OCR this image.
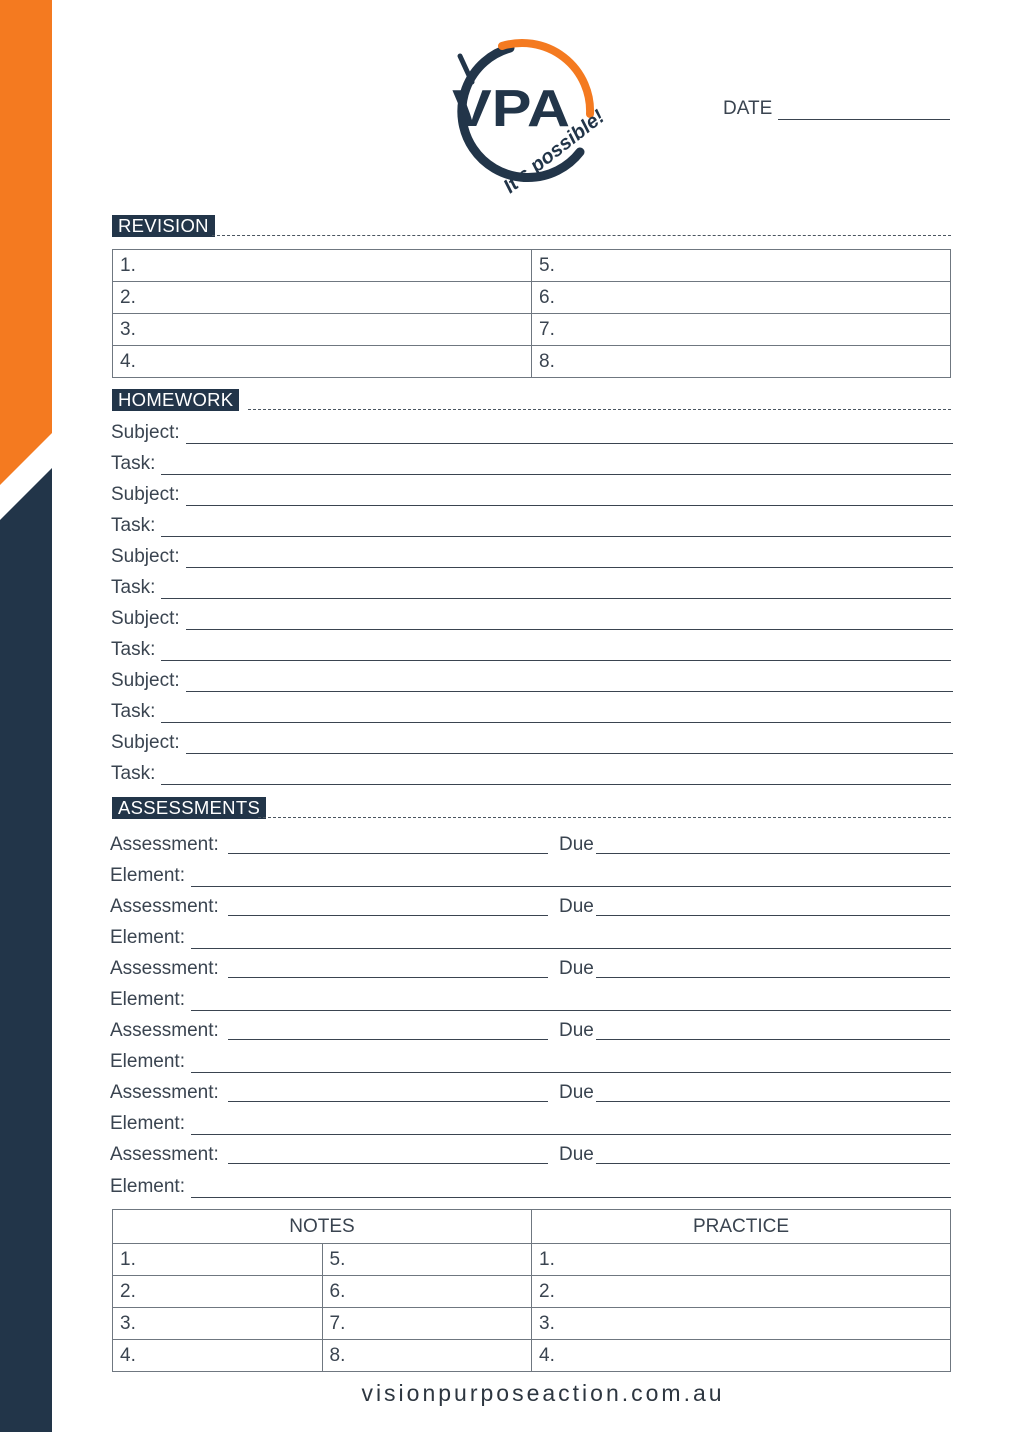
VPA
It's possible!	DATE
REVISION
1.	5.
2.	6.
3.	7.
4.	8.
HOMEWORK
Subject:
Task:
Subject:
Task:
Subject:
Task:
Subject:
Task:
Subject:
Task:
Subject:
Task:
ASSESSMENTS
Assessment:	Due
Element:
Assessment:	Due
Element:
Assessment:	Due
Element:
Assessment:	Due
Element:
Assessment:	Due
Element:
Assessment:	Due
Element:
NOTES		PRACTICE
1.	5.	1.
2.	6.	2.
3.	7.	3.
4.	8.	4.
visionpurposeaction.com.au
